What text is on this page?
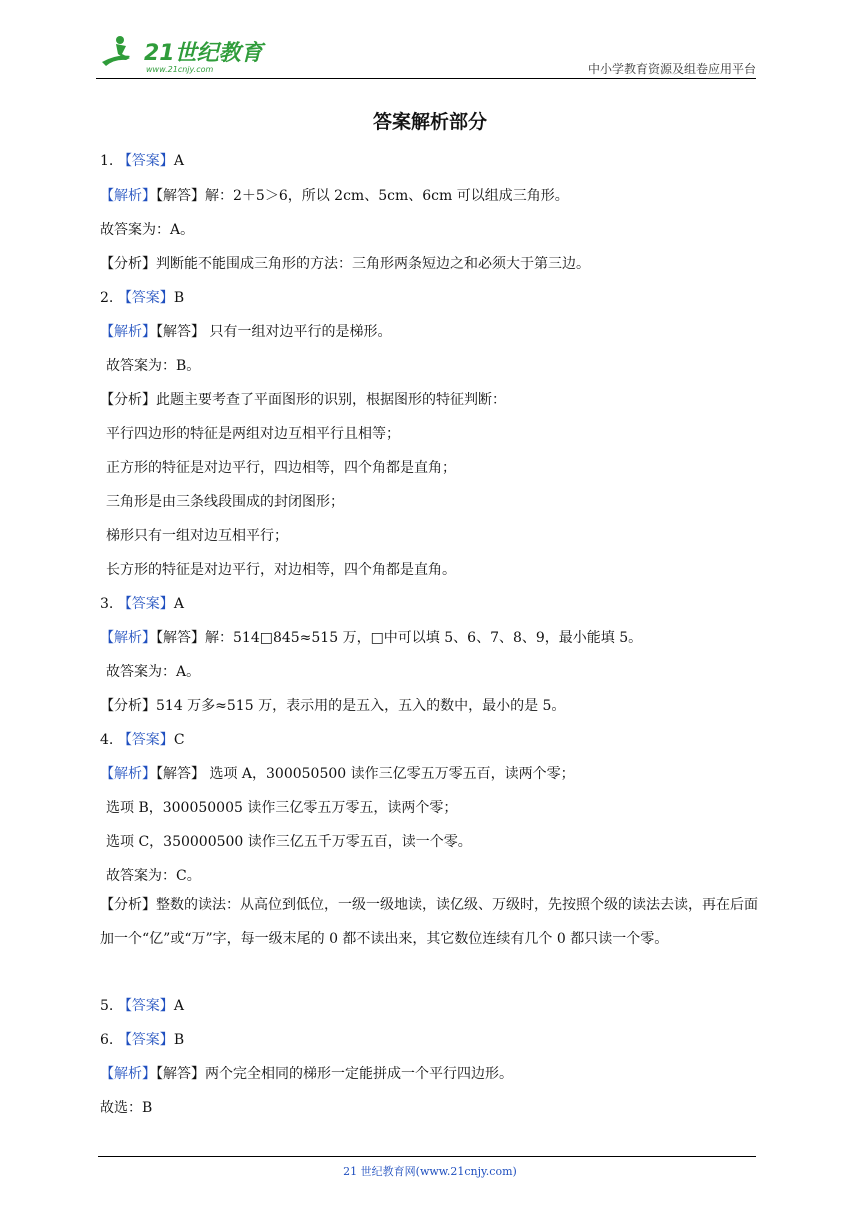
21世纪教育
www.21cnjy.com	中小学教育资源及组卷应用平台
答案解析部分
1. 【答案】A
【解析】【解答】解：2＋5＞6，所以 2cm、5cm、6cm 可以组成三角形。
故答案为：A。
【分析】判断能不能围成三角形的方法：三角形两条短边之和必须大于第三边。
2. 【答案】B
【解析】【解答】 只有一组对边平行的是梯形。
故答案为：B。
【分析】此题主要考查了平面图形的识别，根据图形的特征判断：
平行四边形的特征是两组对边互相平行且相等；
正方形的特征是对边平行，四边相等，四个角都是直角；
三角形是由三条线段围成的封闭图形；
梯形只有一组对边互相平行；
长方形的特征是对边平行，对边相等，四个角都是直角。
3. 【答案】A
【解析】【解答】解：514□845≈515 万，□中可以填 5、6、7、8、9，最小能填 5。
故答案为：A。
【分析】514 万多≈515 万，表示用的是五入，五入的数中，最小的是 5。
4. 【答案】C
【解析】【解答】 选项 A，300050500 读作三亿零五万零五百，读两个零；
选项 B，300050005 读作三亿零五万零五，读两个零；
选项 C，350000500 读作三亿五千万零五百，读一个零。
故答案为：C。
【分析】整数的读法：从高位到低位，一级一级地读，读亿级、万级时，先按照个级的读法去读，再在后面加一个“亿”或“万”字，每一级末尾的 0 都不读出来，其它数位连续有几个 0 都只读一个零。
5. 【答案】A
6. 【答案】B
【解析】【解答】两个完全相同的梯形一定能拼成一个平行四边形。
故选：B
21 世纪教育网(www.21cnjy.com)
